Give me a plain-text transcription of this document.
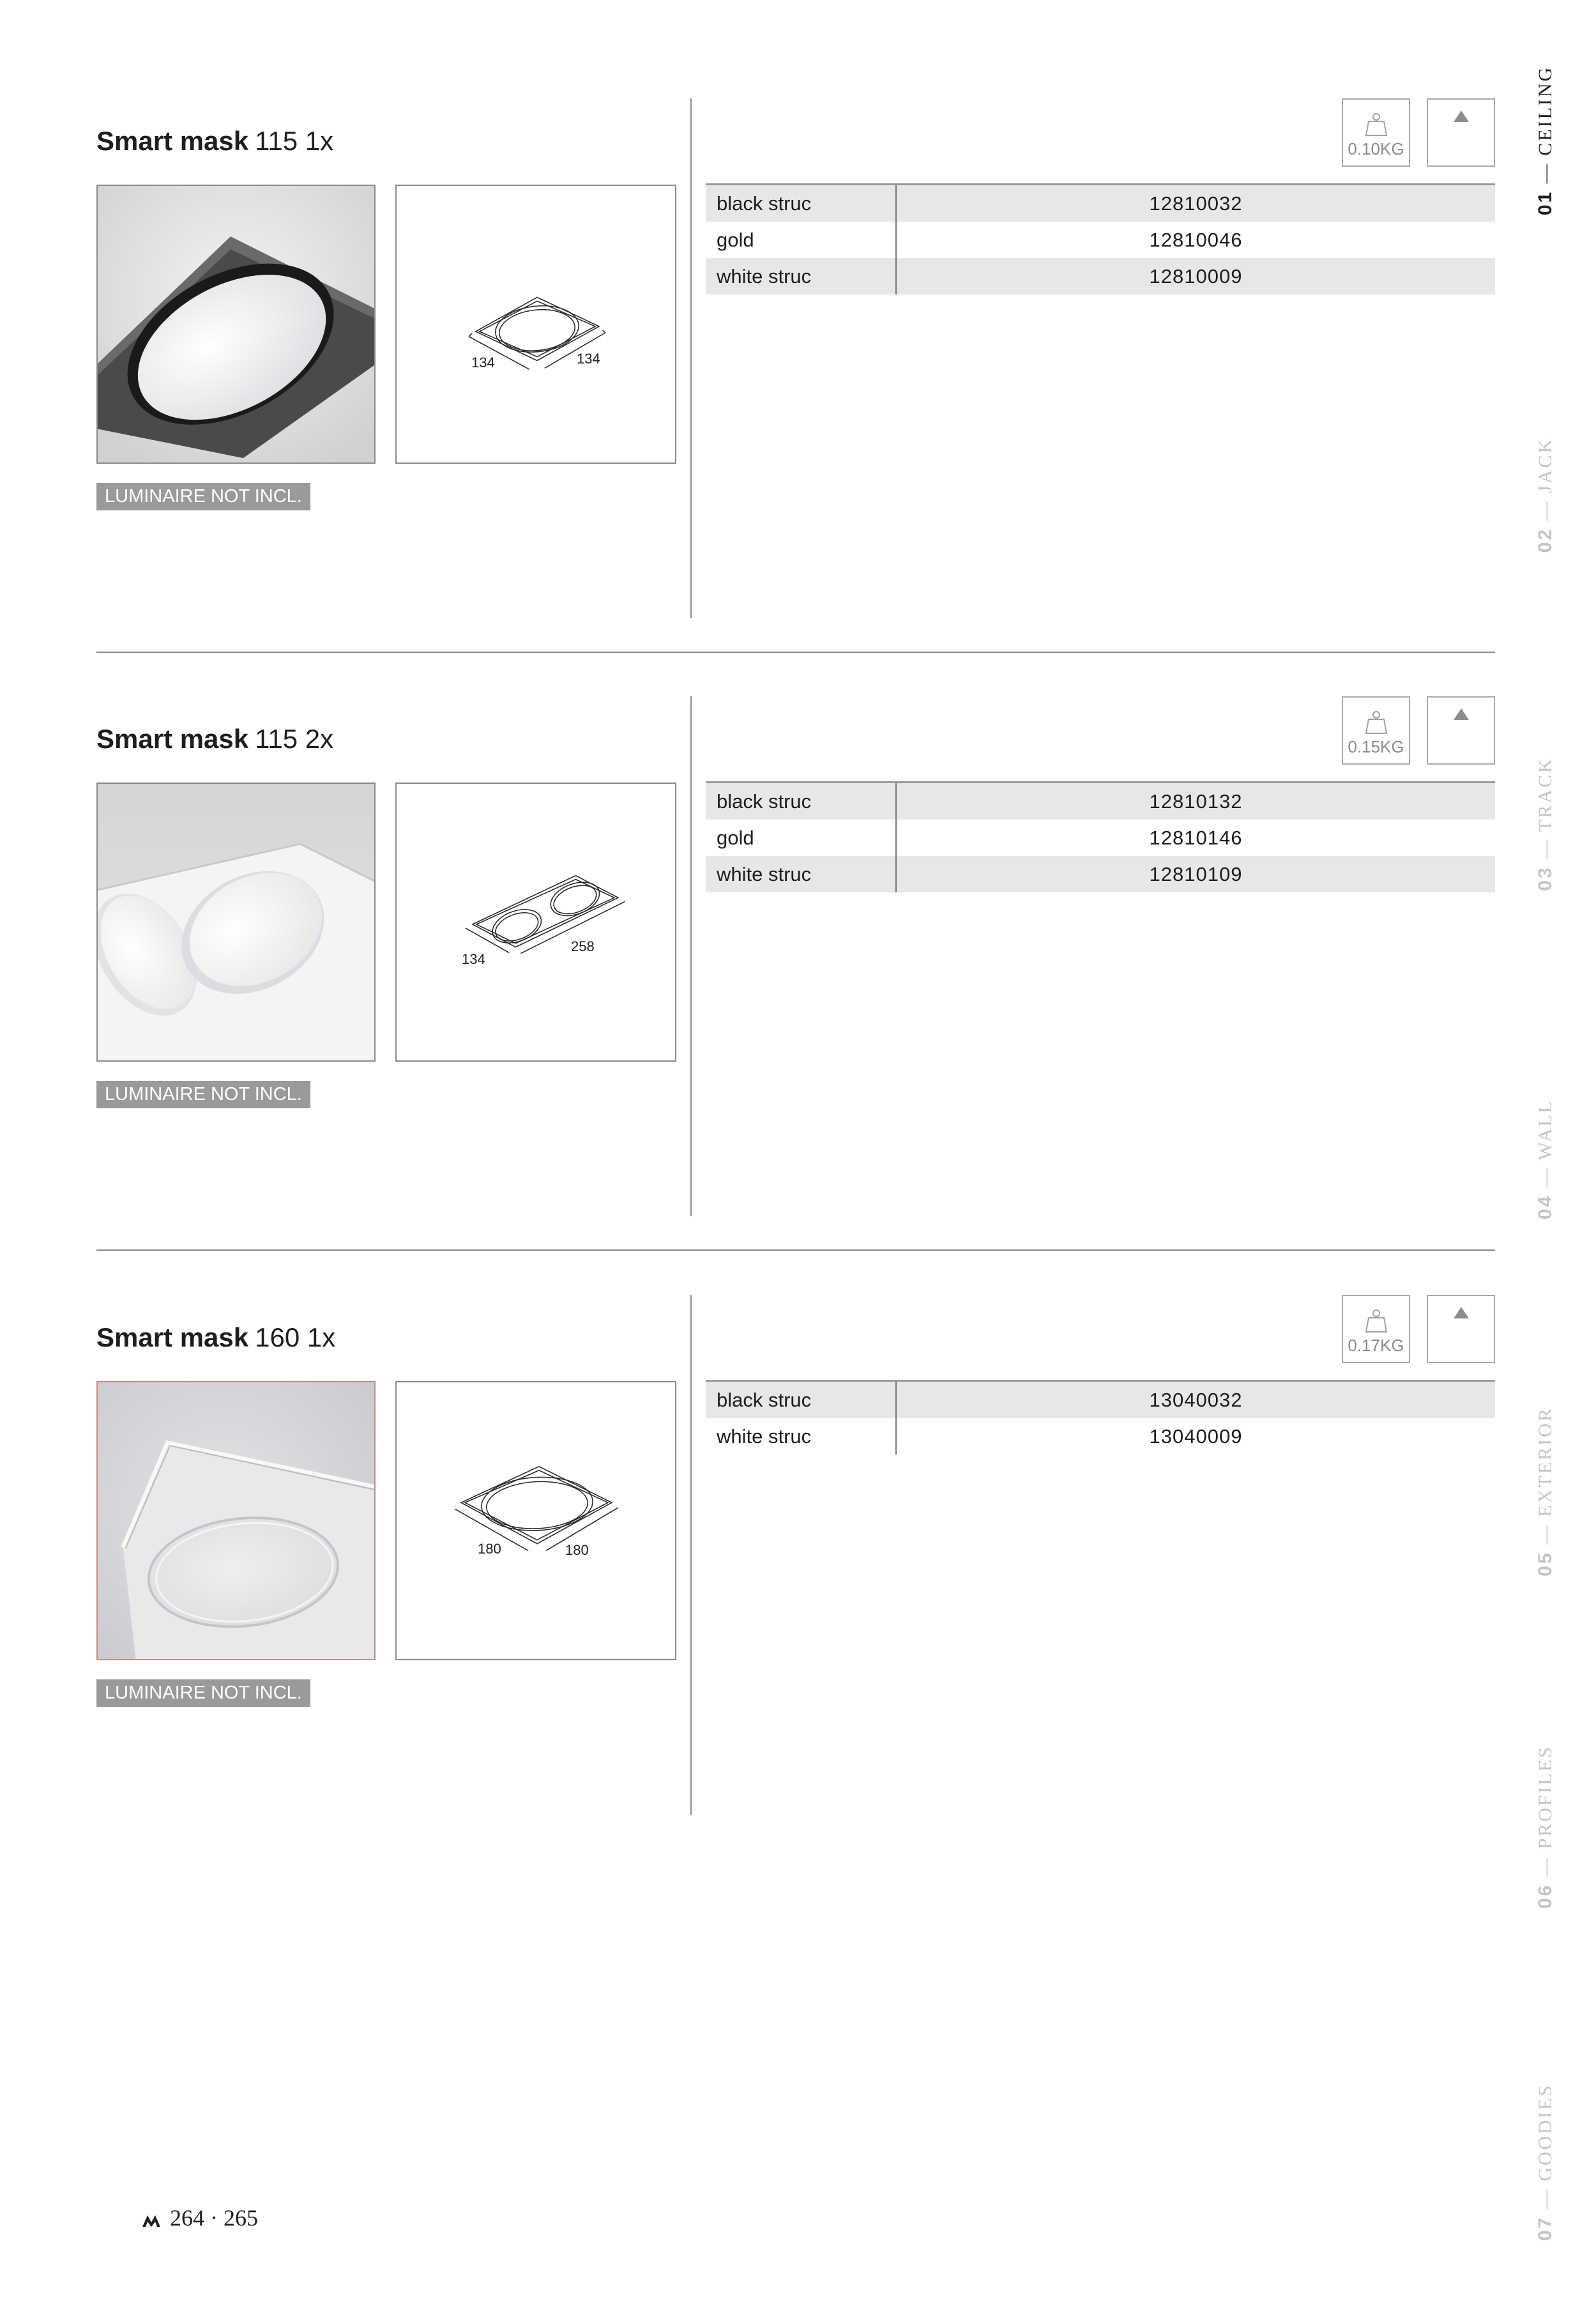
Smart mask 115 1x
134	134
LUMINAIRE NOT INCL.
0.10KG
black struc	12810032
gold	12810046
white struc	12810009
Smart mask 115 2x
134
258
LUMINAIRE NOT INCL.
0.15KG
black struc	12810132
gold	12810146
white struc	12810109
Smart mask 160 1x
180	180
LUMINAIRE NOT INCL.
0.17KG
black struc	13040032
white struc	13040009
01 — CEILING
02 — JACK
03 — TRACK
04 — WALL
05 — EXTERIOR
06 — PROFILES
07 — GOODIES
264 · 265
